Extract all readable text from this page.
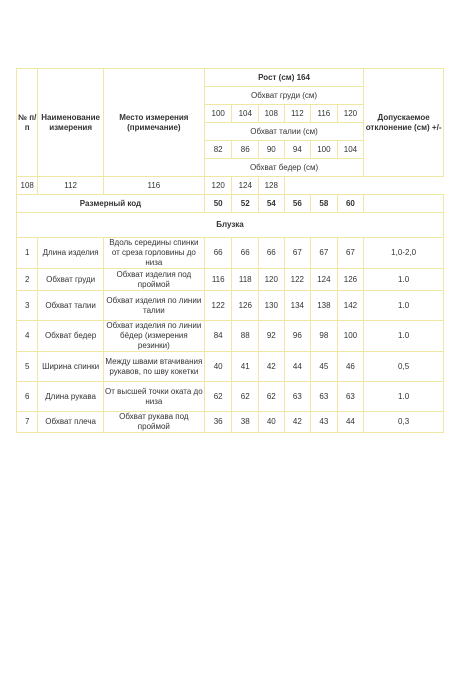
№ п/п	Наименование измерения	Место измерения (примечание)	Рост (см) 164						Допускаемое отклонение (см) +/-
			Обхват груди (см)						
			100	104	108	112	116	120	
			Обхват талии (см)						
			82	86	90	94	100	104	
			Обхват бедер (см)						
108	112	116	120	124	128				
Размерный код			50	52	54	56	58	60	
Блузка									
1	Длина изделия	Вдоль середины спинки от среза горловины до низа	66	66	66	67	67	67	1,0-2,0
2	Обхват груди	Обхват изделия под проймой	116	118	120	122	124	126	1.0
3	Обхват талии	Обхват изделия по линии талии	122	126	130	134	138	142	1.0
4	Обхват бедер	Обхват изделия по линии бёдер (измерения резинки)	84	88	92	96	98	100	1.0
5	Ширина спинки	Между швами втачивания рукавов, по шву кокетки	40	41	42	44	45	46	0,5
6	Длина рукава	От высшей точки оката до низа	62	62	62	63	63	63	1.0
7	Обхват плеча	Обхват рукава под проймой	36	38	40	42	43	44	0,3
